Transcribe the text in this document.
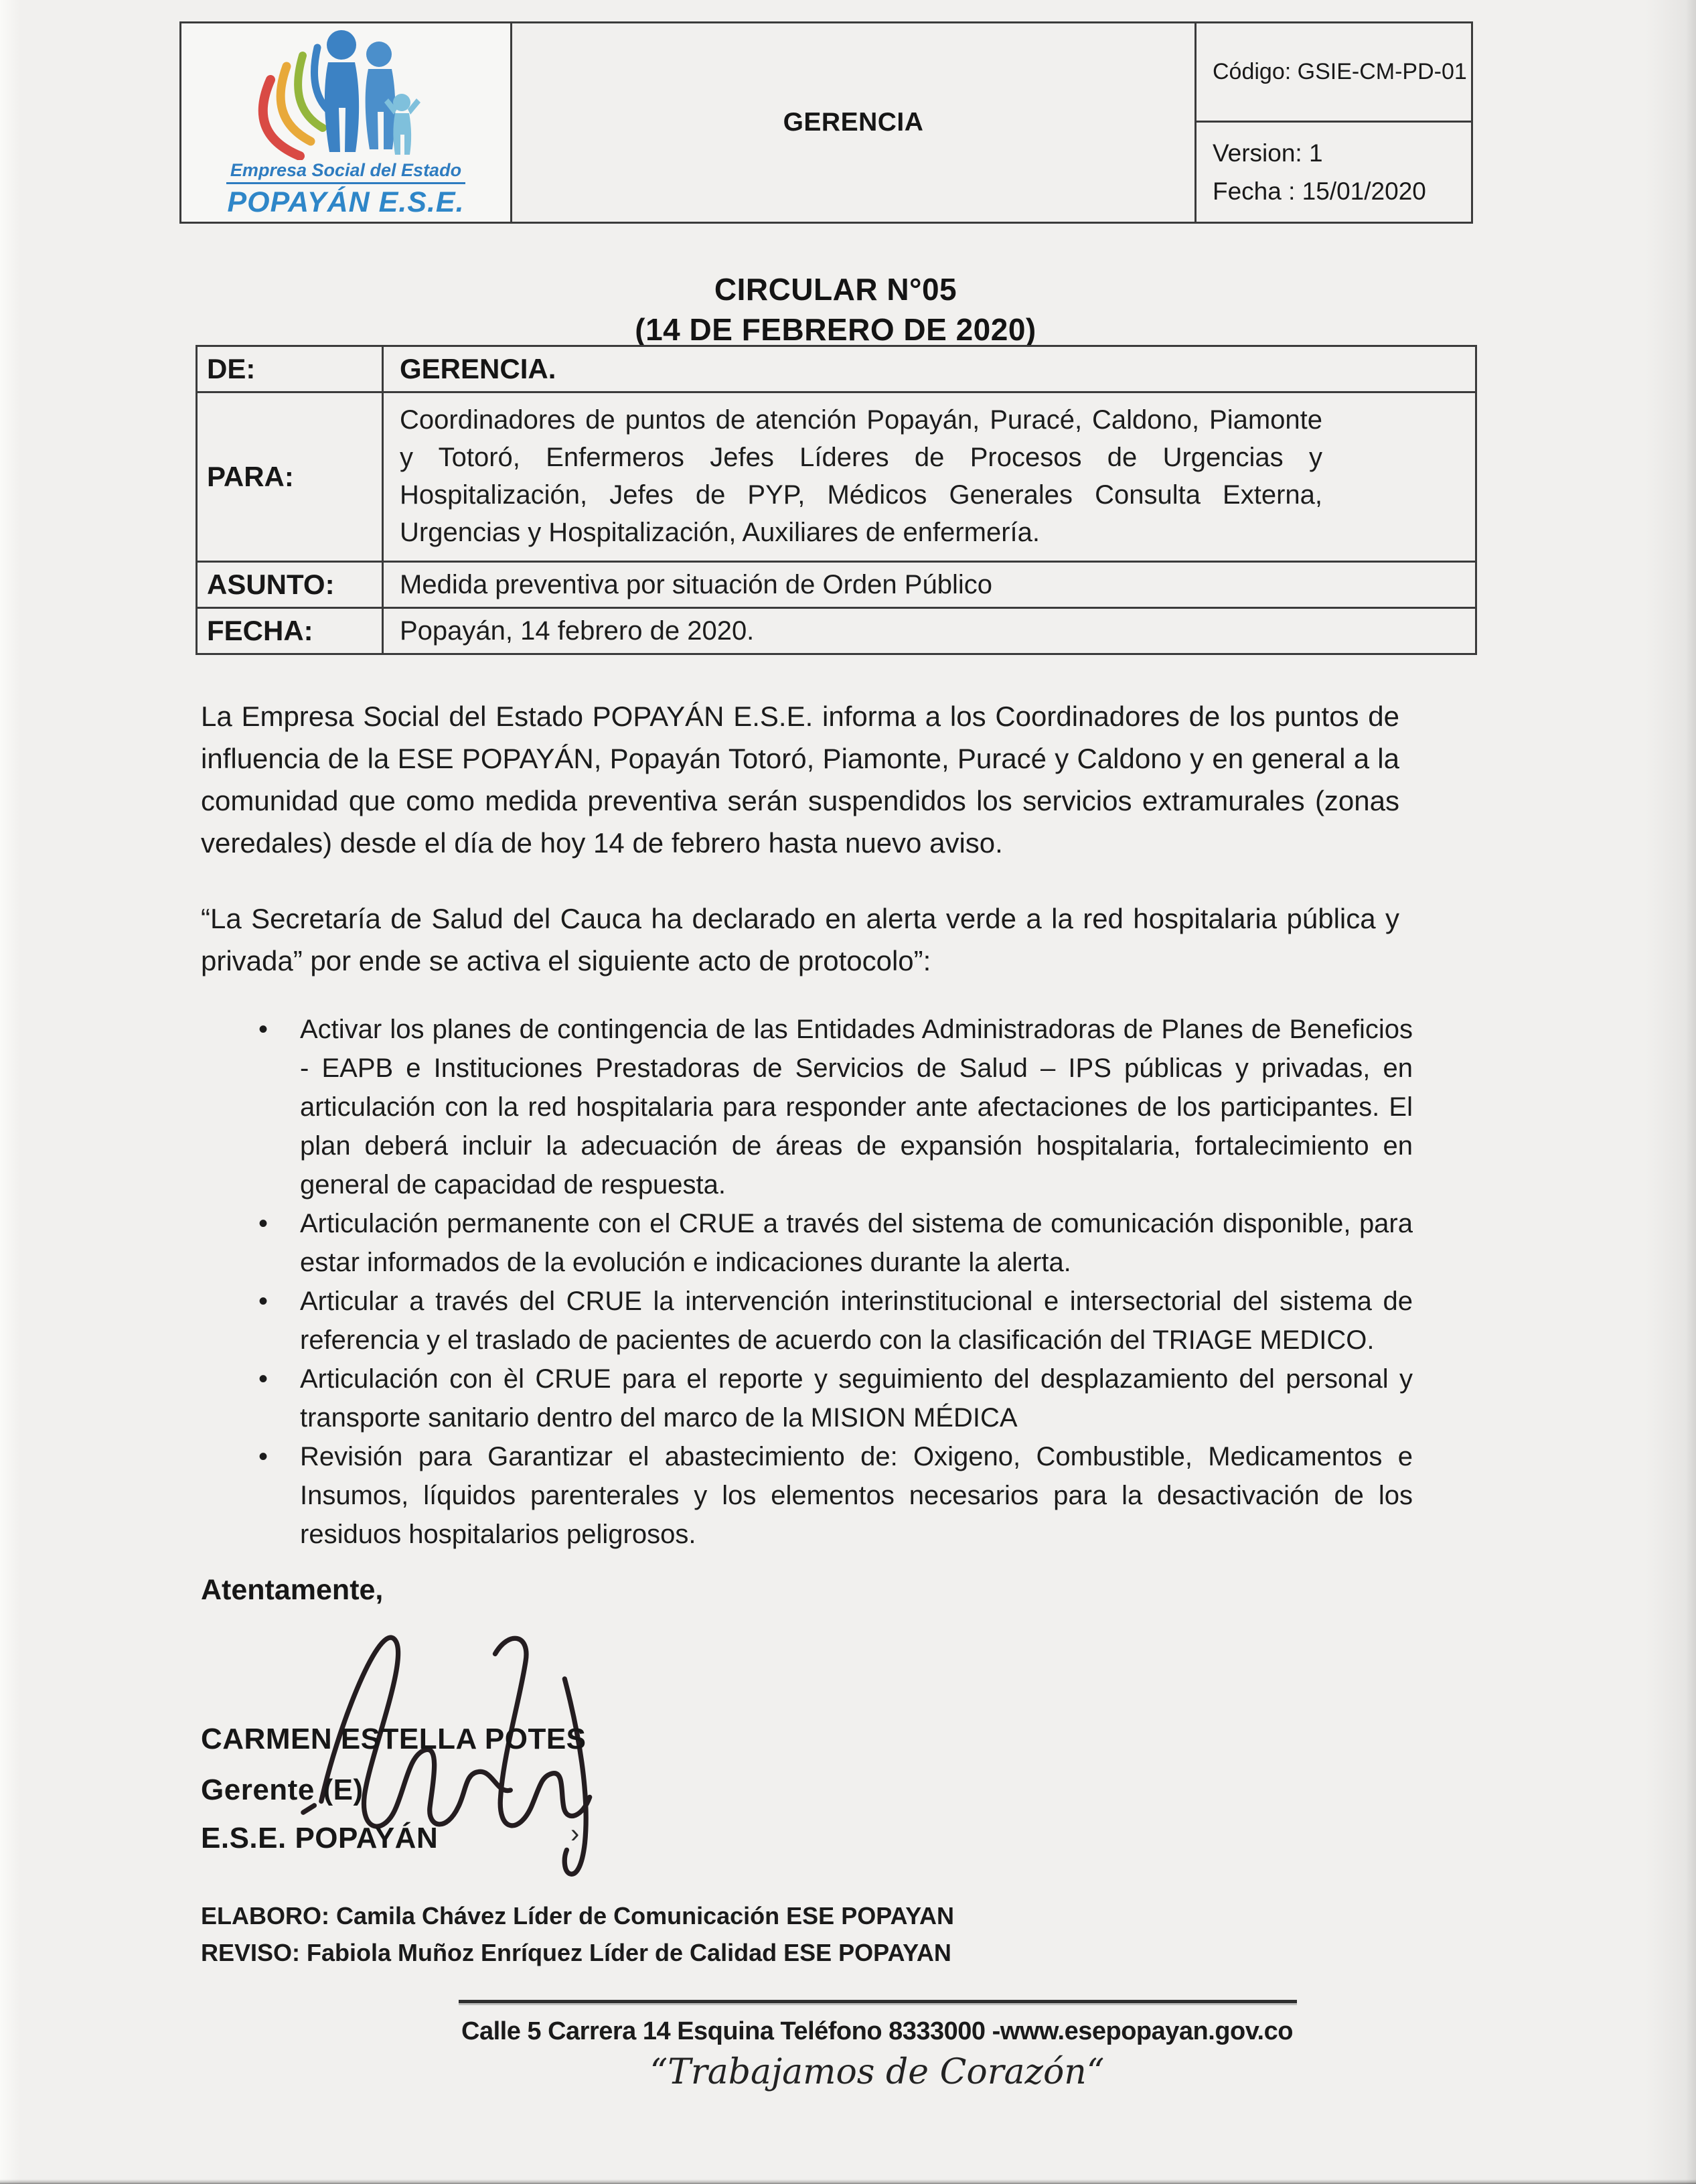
Empresa Social del Estado
POPAYÁN E.S.E.
GERENCIA
Código: GSIE-CM-PD-01
Version: 1
Fecha : 15/01/2020
CIRCULAR N°05
(14 DE FEBRERO DE 2020)
DE:	GERENCIA.
PARA:
Coordinadores de puntos de atención Popayán, Puracé, Caldono, Piamonte y Totoró, Enfermeros Jefes Líderes de Procesos de Urgencias y Hospitalización, Jefes de PYP, Médicos Generales Consulta Externa, Urgencias y Hospitalización, Auxiliares de enfermería.
ASUNTO:	Medida preventiva por situación de Orden Público
FECHA:	Popayán, 14 febrero de 2020.
La Empresa Social del Estado POPAYÁN E.S.E. informa a los Coordinadores de los puntos de influencia de la ESE POPAYÁN, Popayán Totoró, Piamonte, Puracé y Caldono y en general a la comunidad que como medida preventiva serán suspendidos los servicios extramurales (zonas veredales) desde el día de hoy 14 de febrero hasta nuevo aviso.
“La Secretaría de Salud del Cauca ha declarado en alerta verde a la red hospitalaria pública y privada” por ende se activa el siguiente acto de protocolo”:
• Activar los planes de contingencia de las Entidades Administradoras de Planes de Beneficios - EAPB e Instituciones Prestadoras de Servicios de Salud – IPS públicas y privadas, en articulación con la red hospitalaria para responder ante afectaciones de los participantes. El plan deberá incluir la adecuación de áreas de expansión hospitalaria, fortalecimiento en general de capacidad de respuesta.
• Articulación permanente con el CRUE a través del sistema de comunicación disponible, para estar informados de la evolución e indicaciones durante la alerta.
• Articular a través del CRUE la intervención interinstitucional e intersectorial del sistema de referencia y el traslado de pacientes de acuerdo con la clasificación del TRIAGE MEDICO.
• Articulación con èl CRUE para el reporte y seguimiento del desplazamiento del personal y transporte sanitario dentro del marco de la MISION MÉDICA
• Revisión para Garantizar el abastecimiento de: Oxigeno, Combustible, Medicamentos e Insumos, líquidos parenterales y los elementos necesarios para la desactivación de los residuos hospitalarios peligrosos.
Atentamente,
CARMEN ESTELLA POTES
Gerente (E)
E.S.E. POPAYÁN	›
ELABORO: Camila Chávez Líder de Comunicación ESE POPAYAN
REVISO: Fabiola Muñoz Enríquez Líder de Calidad ESE POPAYAN
Calle 5 Carrera 14 Esquina Teléfono 8333000 -www.esepopayan.gov.co
“Trabajamos de Corazón“
